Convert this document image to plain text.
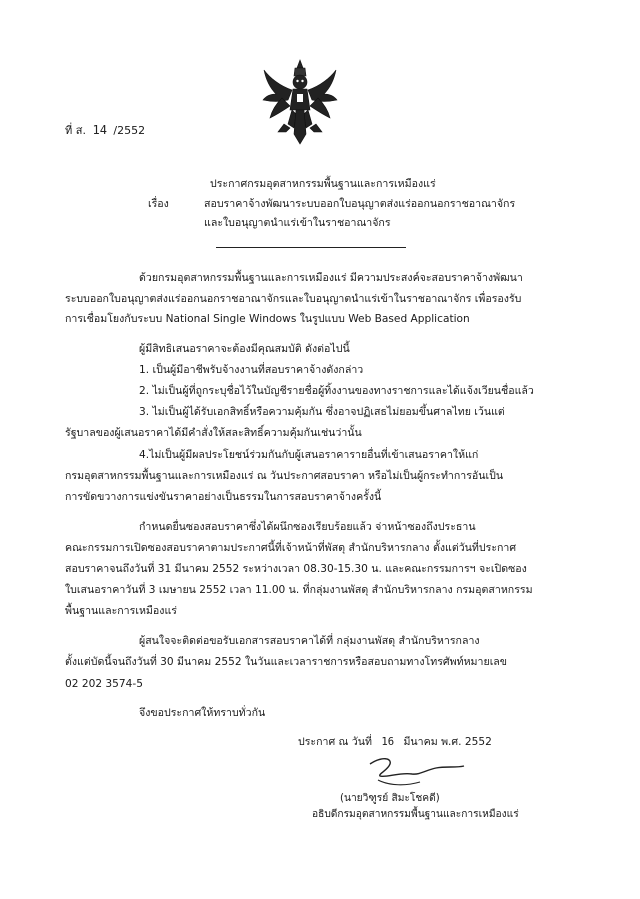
ที่ ส. 14 /2552
ประกาศกรมอุตสาหกรรมพื้นฐานและการเหมืองแร่
เรื่อง	สอบราคาจ้างพัฒนาระบบออกใบอนุญาตส่งแร่ออกนอกราชอาณาจักร
และใบอนุญาตนำแร่เข้าในราชอาณาจักร
ด้วยกรมอุตสาหกรรมพื้นฐานและการเหมืองแร่ มีความประสงค์จะสอบราคาจ้างพัฒนา
ระบบออกใบอนุญาตส่งแร่ออกนอกราชอาณาจักรและใบอนุญาตนำแร่เข้าในราชอาณาจักร เพื่อรองรับ
การเชื่อมโยงกับระบบ National Single Windows ในรูปแบบ Web Based Application
ผู้มีสิทธิเสนอราคาจะต้องมีคุณสมบัติ ดังต่อไปนี้
1. เป็นผู้มีอาชีพรับจ้างงานที่สอบราคาจ้างดังกล่าว
2. ไม่เป็นผู้ที่ถูกระบุชื่อไว้ในบัญชีรายชื่อผู้ทิ้งงานของทางราชการและได้แจ้งเวียนชื่อแล้ว
3. ไม่เป็นผู้ได้รับเอกสิทธิ์หรือความคุ้มกัน ซึ่งอาจปฏิเสธไม่ยอมขึ้นศาลไทย เว้นแต่
รัฐบาลของผู้เสนอราคาได้มีคำสั่งให้สละสิทธิ์ความคุ้มกันเช่นว่านั้น
4.ไม่เป็นผู้มีผลประโยชน์ร่วมกันกับผู้เสนอราคารายอื่นที่เข้าเสนอราคาให้แก่
กรมอุตสาหกรรมพื้นฐานและการเหมืองแร่ ณ วันประกาศสอบราคา หรือไม่เป็นผู้กระทำการอันเป็น
การขัดขวางการแข่งขันราคาอย่างเป็นธรรมในการสอบราคาจ้างครั้งนี้
กำหนดยื่นซองสอบราคาซึ่งได้ผนึกซองเรียบร้อยแล้ว จ่าหน้าซองถึงประธาน
คณะกรรมการเปิดซองสอบราคาตามประกาศนี้ที่เจ้าหน้าที่พัสดุ สำนักบริหารกลาง ตั้งแต่วันที่ประกาศ
สอบราคาจนถึงวันที่ 31 มีนาคม 2552 ระหว่างเวลา 08.30-15.30 น. และคณะกรรมการฯ จะเปิดซอง
ใบเสนอราคาวันที่ 3 เมษายน 2552 เวลา 11.00 น. ที่กลุ่มงานพัสดุ สำนักบริหารกลาง กรมอุตสาหกรรม
พื้นฐานและการเหมืองแร่
ผู้สนใจจะติดต่อขอรับเอกสารสอบราคาได้ที่ กลุ่มงานพัสดุ สำนักบริหารกลาง
ตั้งแต่บัดนี้จนถึงวันที่ 30 มีนาคม 2552 ในวันและเวลาราชการหรือสอบถามทางโทรศัพท์หมายเลข
02 202 3574-5
จึงขอประกาศให้ทราบทั่วกัน
ประกาศ ณ วันที่ 16 มีนาคม พ.ศ. 2552
(นายวิฑูรย์ สิมะโชคดี)
อธิบดีกรมอุตสาหกรรมพื้นฐานและการเหมืองแร่
